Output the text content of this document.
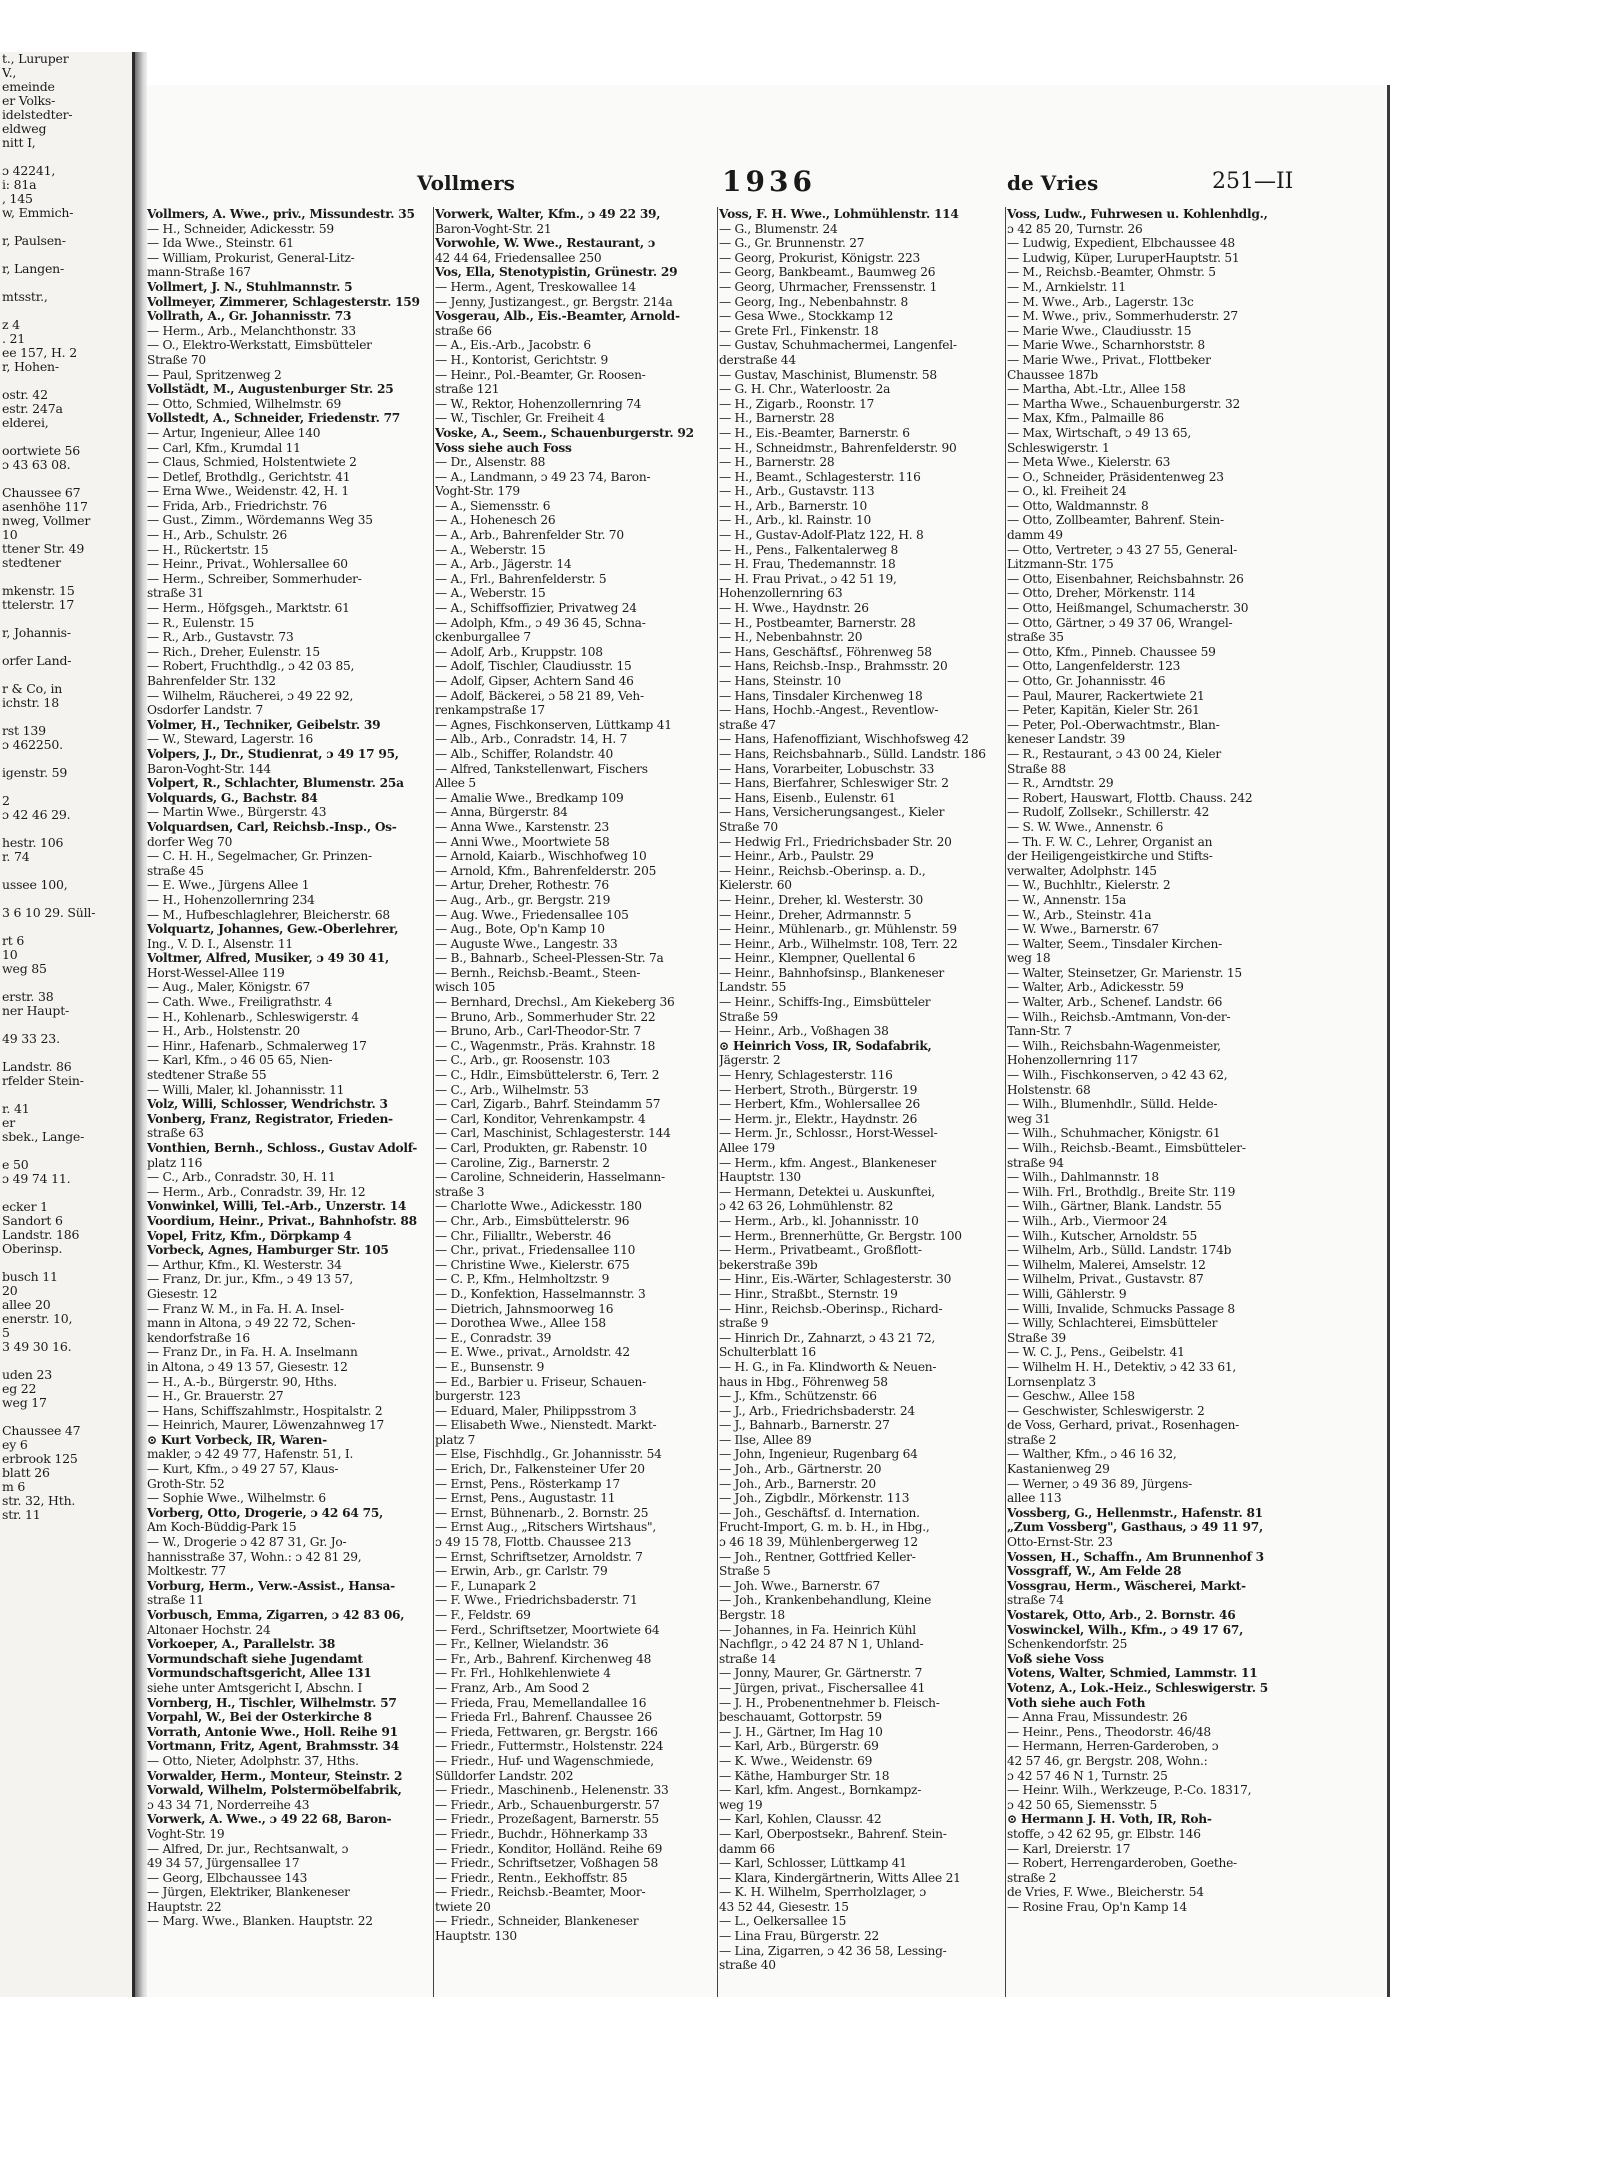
t., Luruper
V.,
emeinde
er Volks-
idelstedter-
eldweg
nitt I,

ɔ 42241,
i: 81a
, 145
w, Emmich-

r, Paulsen-

r, Langen-

mtsstr.,

z 4
. 21
ee 157, H. 2
r, Hohen-

ostr. 42
estr. 247a
elderei,

oortwiete 56
ɔ 43 63 08.

Chaussee 67
asenhöhe 117
nweg, Vollmer
10
ttener Str. 49
stedtener

mkenstr. 15
ttelerstr. 17

r, Johannis-

orfer Land-

r & Co, in
ichstr. 18

rst 139
ɔ 462250.

igenstr. 59

2
ɔ 42 46 29.

hestr. 106
r. 74

ussee 100,

3 6 10 29. Süll-

rt 6
10
weg 85

erstr. 38
ner Haupt-

49 33 23.

Landstr. 86
rfelder Stein-

r. 41
er
sbek., Lange-

e 50
ɔ 49 74 11.

ecker 1
Sandort 6
Landstr. 186
Oberinsp.

busch 11
20
allee 20
enerstr. 10,
5
3 49 30 16.

uden 23
eg 22
weg 17

Chaussee 47
ey 6
erbrook 125
blatt 26
m 6
str. 32, Hth.
str. 11
Vollmers	1936	de Vries	251—II
Vollmers, A. Wwe., priv., Missundestr. 35
— H., Schneider, Adickesstr. 59
— Ida Wwe., Steinstr. 61
— William, Prokurist, General-Litz-
mann-Straße 167
Vollmert, J. N., Stuhlmannstr. 5
Vollmeyer, Zimmerer, Schlagesterstr. 159
Vollrath, A., Gr. Johannisstr. 73
— Herm., Arb., Melanchthonstr. 33
— O., Elektro-Werkstatt, Eimsbütteler
Straße 70
— Paul, Spritzenweg 2
Vollstädt, M., Augustenburger Str. 25
— Otto, Schmied, Wilhelmstr. 69
Vollstedt, A., Schneider, Friedenstr. 77
— Artur, Ingenieur, Allee 140
— Carl, Kfm., Krumdal 11
— Claus, Schmied, Holstentwiete 2
— Detlef, Brothdlg., Gerichtstr. 41
— Erna Wwe., Weidenstr. 42, H. 1
— Frida, Arb., Friedrichstr. 76
— Gust., Zimm., Wördemanns Weg 35
— H., Arb., Schulstr. 26
— H., Rückertstr. 15
— Heinr., Privat., Wohlersallee 60
— Herm., Schreiber, Sommerhuder-
straße 31
— Herm., Höfgsgeh., Marktstr. 61
— R., Eulenstr. 15
— R., Arb., Gustavstr. 73
— Rich., Dreher, Eulenstr. 15
— Robert, Fruchthdlg., ɔ 42 03 85,
Bahrenfelder Str. 132
— Wilhelm, Räucherei, ɔ 49 22 92,
Osdorfer Landstr. 7
Volmer, H., Techniker, Geibelstr. 39
— W., Steward, Lagerstr. 16
Volpers, J., Dr., Studienrat, ɔ 49 17 95,
Baron-Voght-Str. 144
Volpert, R., Schlachter, Blumenstr. 25a
Volquards, G., Bachstr. 84
— Martin Wwe., Bürgerstr. 43
Volquardsen, Carl, Reichsb.-Insp., Os-
dorfer Weg 70
— C. H. H., Segelmacher, Gr. Prinzen-
straße 45
— E. Wwe., Jürgens Allee 1
— H., Hohenzollernring 234
— M., Hufbeschlaglehrer, Bleicherstr. 68
Volquartz, Johannes, Gew.-Oberlehrer,
Ing., V. D. I., Alsenstr. 11
Voltmer, Alfred, Musiker, ɔ 49 30 41,
Horst-Wessel-Allee 119
— Aug., Maler, Königstr. 67
— Cath. Wwe., Freiligrathstr. 4
— H., Kohlenarb., Schleswigerstr. 4
— H., Arb., Holstenstr. 20
— Hinr., Hafenarb., Schmalerweg 17
— Karl, Kfm., ɔ 46 05 65, Nien-
stedtener Straße 55
— Willi, Maler, kl. Johannisstr. 11
Volz, Willi, Schlosser, Wendrichstr. 3
Vonberg, Franz, Registrator, Frieden-
straße 63
Vonthien, Bernh., Schloss., Gustav Adolf-
platz 116
— C., Arb., Conradstr. 30, H. 11
— Herm., Arb., Conradstr. 39, Hr. 12
Vonwinkel, Willi, Tel.-Arb., Unzerstr. 14
Voordium, Heinr., Privat., Bahnhofstr. 88
Vopel, Fritz, Kfm., Dörpkamp 4
Vorbeck, Agnes, Hamburger Str. 105
— Arthur, Kfm., Kl. Westerstr. 34
— Franz, Dr. jur., Kfm., ɔ 49 13 57,
Giesestr. 12
— Franz W. M., in Fa. H. A. Insel-
mann in Altona, ɔ 49 22 72, Schen-
kendorfstraße 16
— Franz Dr., in Fa. H. A. Inselmann
in Altona, ɔ 49 13 57, Giesestr. 12
— H., A.-b., Bürgerstr. 90, Hths.
— H., Gr. Brauerstr. 27
— Hans, Schiffszahlmstr., Hospitalstr. 2
— Heinrich, Maurer, Löwenzahnweg 17
⊙ Kurt Vorbeck, IR, Waren-
makler, ɔ 42 49 77, Hafenstr. 51, I.
— Kurt, Kfm., ɔ 49 27 57, Klaus-
Groth-Str. 52
— Sophie Wwe., Wilhelmstr. 6
Vorberg, Otto, Drogerie, ɔ 42 64 75,
Am Koch-Büddig-Park 15
— W., Drogerie ɔ 42 87 31, Gr. Jo-
hannisstraße 37, Wohn.: ɔ 42 81 29,
Moltkestr. 77
Vorburg, Herm., Verw.-Assist., Hansa-
straße 11
Vorbusch, Emma, Zigarren, ɔ 42 83 06,
Altonaer Hochstr. 24
Vorkoeper, A., Parallelstr. 38
Vormundschaft siehe Jugendamt
Vormundschaftsgericht, Allee 131
siehe unter Amtsgericht I, Abschn. I
Vornberg, H., Tischler, Wilhelmstr. 57
Vorpahl, W., Bei der Osterkirche 8
Vorrath, Antonie Wwe., Holl. Reihe 91
Vortmann, Fritz, Agent, Brahmsstr. 34
— Otto, Nieter, Adolphstr. 37, Hths.
Vorwalder, Herm., Monteur, Steinstr. 2
Vorwald, Wilhelm, Polstermöbelfabrik,
ɔ 43 34 71, Norderreihe 43
Vorwerk, A. Wwe., ɔ 49 22 68, Baron-
Voght-Str. 19
— Alfred, Dr. jur., Rechtsanwalt, ɔ
49 34 57, Jürgensallee 17
— Georg, Elbchaussee 143
— Jürgen, Elektriker, Blankeneser
Hauptstr. 22
— Marg. Wwe., Blanken. Hauptstr. 22
Vorwerk, Walter, Kfm., ɔ 49 22 39,
Baron-Voght-Str. 21
Vorwohle, W. Wwe., Restaurant, ɔ
42 44 64, Friedensallee 250
Vos, Ella, Stenotypistin, Grünestr. 29
— Herm., Agent, Treskowallee 14
— Jenny, Justizangest., gr. Bergstr. 214a
Vosgerau, Alb., Eis.-Beamter, Arnold-
straße 66
— A., Eis.-Arb., Jacobstr. 6
— H., Kontorist, Gerichtstr. 9
— Heinr., Pol.-Beamter, Gr. Roosen-
straße 121
— W., Rektor, Hohenzollernring 74
— W., Tischler, Gr. Freiheit 4
Voske, A., Seem., Schauenburgerstr. 92
Voss siehe auch Foss
— Dr., Alsenstr. 88
— A., Landmann, ɔ 49 23 74, Baron-
Voght-Str. 179
— A., Siemensstr. 6
— A., Hohenesch 26
— A., Arb., Bahrenfelder Str. 70
— A., Weberstr. 15
— A., Arb., Jägerstr. 14
— A., Frl., Bahrenfelderstr. 5
— A., Weberstr. 15
— A., Schiffsoffizier, Privatweg 24
— Adolph, Kfm., ɔ 49 36 45, Schna-
ckenburgallee 7
— Adolf, Arb., Kruppstr. 108
— Adolf, Tischler, Claudiusstr. 15
— Adolf, Gipser, Achtern Sand 46
— Adolf, Bäckerei, ɔ 58 21 89, Veh-
renkampstraße 17
— Agnes, Fischkonserven, Lüttkamp 41
— Alb., Arb., Conradstr. 14, H. 7
— Alb., Schiffer, Rolandstr. 40
— Alfred, Tankstellenwart, Fischers
Allee 5
— Amalie Wwe., Bredkamp 109
— Anna, Bürgerstr. 84
— Anna Wwe., Karstenstr. 23
— Anni Wwe., Moortwiete 58
— Arnold, Kaiarb., Wischhofweg 10
— Arnold, Kfm., Bahrenfelderstr. 205
— Artur, Dreher, Rothestr. 76
— Aug., Arb., gr. Bergstr. 219
— Aug. Wwe., Friedensallee 105
— Aug., Bote, Op'n Kamp 10
— Auguste Wwe., Langestr. 33
— B., Bahnarb., Scheel-Plessen-Str. 7a
— Bernh., Reichsb.-Beamt., Steen-
wisch 105
— Bernhard, Drechsl., Am Kiekeberg 36
— Bruno, Arb., Sommerhuder Str. 22
— Bruno, Arb., Carl-Theodor-Str. 7
— C., Wagenmstr., Präs. Krahnstr. 18
— C., Arb., gr. Roosenstr. 103
— C., Hdlr., Eimsbüttelerstr. 6, Terr. 2
— C., Arb., Wilhelmstr. 53
— Carl, Zigarb., Bahrf. Steindamm 57
— Carl, Konditor, Vehrenkampstr. 4
— Carl, Maschinist, Schlagesterstr. 144
— Carl, Produkten, gr. Rabenstr. 10
— Caroline, Zig., Barnerstr. 2
— Caroline, Schneiderin, Hasselmann-
straße 3
— Charlotte Wwe., Adickesstr. 180
— Chr., Arb., Eimsbüttelerstr. 96
— Chr., Filialltr., Weberstr. 46
— Chr., privat., Friedensallee 110
— Christine Wwe., Kielerstr. 675
— C. P., Kfm., Helmholtzstr. 9
— D., Konfektion, Hasselmannstr. 3
— Dietrich, Jahnsmoorweg 16
— Dorothea Wwe., Allee 158
— E., Conradstr. 39
— E. Wwe., privat., Arnoldstr. 42
— E., Bunsenstr. 9
— Ed., Barbier u. Friseur, Schauen-
burgerstr. 123
— Eduard, Maler, Philippsstrom 3
— Elisabeth Wwe., Nienstedt. Markt-
platz 7
— Else, Fischhdlg., Gr. Johannisstr. 54
— Erich, Dr., Falkensteiner Ufer 20
— Ernst, Pens., Rösterkamp 17
— Ernst, Pens., Augustastr. 11
— Ernst, Bühnenarb., 2. Bornstr. 25
— Ernst Aug., „Ritschers Wirtshaus",
ɔ 49 15 78, Flottb. Chaussee 213
— Ernst, Schriftsetzer, Arnoldstr. 7
— Erwin, Arb., gr. Carlstr. 79
— F., Lunapark 2
— F. Wwe., Friedrichsbaderstr. 71
— F., Feldstr. 69
— Ferd., Schriftsetzer, Moortwiete 64
— Fr., Kellner, Wielandstr. 36
— Fr., Arb., Bahrenf. Kirchenweg 48
— Fr. Frl., Hohlkehlenwiete 4
— Franz, Arb., Am Sood 2
— Frieda, Frau, Memellandallee 16
— Frieda Frl., Bahrenf. Chaussee 26
— Frieda, Fettwaren, gr. Bergstr. 166
— Friedr., Futtermstr., Holstenstr. 224
— Friedr., Huf- und Wagenschmiede,
Sülldorfer Landstr. 202
— Friedr., Maschinenb., Helenenstr. 33
— Friedr., Arb., Schauenburgerstr. 57
— Friedr., Prozeßagent, Barnerstr. 55
— Friedr., Buchdr., Höhnerkamp 33
— Friedr., Konditor, Holländ. Reihe 69
— Friedr., Schriftsetzer, Voßhagen 58
— Friedr., Rentn., Eekhoffstr. 85
— Friedr., Reichsb.-Beamter, Moor-
twiete 20
— Friedr., Schneider, Blankeneser
Hauptstr. 130
Voss, F. H. Wwe., Lohmühlenstr. 114
— G., Blumenstr. 24
— G., Gr. Brunnenstr. 27
— Georg, Prokurist, Königstr. 223
— Georg, Bankbeamt., Baumweg 26
— Georg, Uhrmacher, Frenssenstr. 1
— Georg, Ing., Nebenbahnstr. 8
— Gesa Wwe., Stockkamp 12
— Grete Frl., Finkenstr. 18
— Gustav, Schuhmachermei, Langenfel-
derstraße 44
— Gustav, Maschinist, Blumenstr. 58
— G. H. Chr., Waterloostr. 2a
— H., Zigarb., Roonstr. 17
— H., Barnerstr. 28
— H., Eis.-Beamter, Barnerstr. 6
— H., Schneidmstr., Bahrenfelderstr. 90
— H., Barnerstr. 28
— H., Beamt., Schlagesterstr. 116
— H., Arb., Gustavstr. 113
— H., Arb., Barnerstr. 10
— H., Arb., kl. Rainstr. 10
— H., Gustav-Adolf-Platz 122, H. 8
— H., Pens., Falkentalerweg 8
— H. Frau, Thedemannstr. 18
— H. Frau Privat., ɔ 42 51 19,
Hohenzollernring 63
— H. Wwe., Haydnstr. 26
— H., Postbeamter, Barnerstr. 28
— H., Nebenbahnstr. 20
— Hans, Geschäftsf., Föhrenweg 58
— Hans, Reichsb.-Insp., Brahmsstr. 20
— Hans, Steinstr. 10
— Hans, Tinsdaler Kirchenweg 18
— Hans, Hochb.-Angest., Reventlow-
straße 47
— Hans, Hafenoffiziant, Wischhofsweg 42
— Hans, Reichsbahnarb., Sülld. Landstr. 186
— Hans, Vorarbeiter, Lobuschstr. 33
— Hans, Bierfahrer, Schleswiger Str. 2
— Hans, Eisenb., Eulenstr. 61
— Hans, Versicherungsangest., Kieler
Straße 70
— Hedwig Frl., Friedrichsbader Str. 20
— Heinr., Arb., Paulstr. 29
— Heinr., Reichsb.-Oberinsp. a. D.,
Kielerstr. 60
— Heinr., Dreher, kl. Westerstr. 30
— Heinr., Dreher, Adrmannstr. 5
— Heinr., Mühlenarb., gr. Mühlenstr. 59
— Heinr., Arb., Wilhelmstr. 108, Terr. 22
— Heinr., Klempner, Quellental 6
— Heinr., Bahnhofsinsp., Blankeneser
Landstr. 55
— Heinr., Schiffs-Ing., Eimsbütteler
Straße 59
— Heinr., Arb., Voßhagen 38
⊙ Heinrich Voss, IR, Sodafabrik,
Jägerstr. 2
— Henry, Schlagesterstr. 116
— Herbert, Stroth., Bürgerstr. 19
— Herbert, Kfm., Wohlersallee 26
— Herm. jr., Elektr., Haydnstr. 26
— Herm. Jr., Schlossr., Horst-Wessel-
Allee 179
— Herm., kfm. Angest., Blankeneser
Hauptstr. 130
— Hermann, Detektei u. Auskunftei,
ɔ 42 63 26, Lohmühlenstr. 82
— Herm., Arb., kl. Johannisstr. 10
— Herm., Brennerhütte, Gr. Bergstr. 100
— Herm., Privatbeamt., Großflott-
bekerstraße 39b
— Hinr., Eis.-Wärter, Schlagesterstr. 30
— Hinr., Straßbt., Sternstr. 19
— Hinr., Reichsb.-Oberinsp., Richard-
straße 9
— Hinrich Dr., Zahnarzt, ɔ 43 21 72,
Schulterblatt 16
— H. G., in Fa. Klindworth & Neuen-
haus in Hbg., Föhrenweg 58
— J., Kfm., Schützenstr. 66
— J., Arb., Friedrichsbaderstr. 24
— J., Bahnarb., Barnerstr. 27
— Ilse, Allee 89
— John, Ingenieur, Rugenbarg 64
— Joh., Arb., Gärtnerstr. 20
— Joh., Arb., Barnerstr. 20
— Joh., Zigbdlr., Mörkenstr. 113
— Joh., Geschäftsf. d. Internation.
Frucht-Import, G. m. b. H., in Hbg.,
ɔ 46 18 39, Mühlenbergerweg 12
— Joh., Rentner, Gottfried Keller-
Straße 5
— Joh. Wwe., Barnerstr. 67
— Joh., Krankenbehandlung, Kleine
Bergstr. 18
— Johannes, in Fa. Heinrich Kühl
Nachflgr., ɔ 42 24 87 N 1, Uhland-
straße 14
— Jonny, Maurer, Gr. Gärtnerstr. 7
— Jürgen, privat., Fischersallee 41
— J. H., Probenentnehmer b. Fleisch-
beschauamt, Gottorpstr. 59
— J. H., Gärtner, Im Hag 10
— Karl, Arb., Bürgerstr. 69
— K. Wwe., Weidenstr. 69
— Käthe, Hamburger Str. 18
— Karl, kfm. Angest., Bornkampz-
weg 19
— Karl, Kohlen, Claussr. 42
— Karl, Oberpostsekr., Bahrenf. Stein-
damm 66
— Karl, Schlosser, Lüttkamp 41
— Klara, Kindergärtnerin, Witts Allee 21
— K. H. Wilhelm, Sperrholzlager, ɔ
43 52 44, Giesestr. 15
— L., Oelkersallee 15
— Lina Frau, Bürgerstr. 22
— Lina, Zigarren, ɔ 42 36 58, Lessing-
straße 40
Voss, Ludw., Fuhrwesen u. Kohlenhdlg.,
ɔ 42 85 20, Turnstr. 26
— Ludwig, Expedient, Elbchaussee 48
— Ludwig, Küper, LuruperHauptstr. 51
— M., Reichsb.-Beamter, Ohmstr. 5
— M., Arnkielstr. 11
— M. Wwe., Arb., Lagerstr. 13c
— M. Wwe., priv., Sommerhuderstr. 27
— Marie Wwe., Claudiusstr. 15
— Marie Wwe., Scharnhorststr. 8
— Marie Wwe., Privat., Flottbeker
Chaussee 187b
— Martha, Abt.-Ltr., Allee 158
— Martha Wwe., Schauenburgerstr. 32
— Max, Kfm., Palmaille 86
— Max, Wirtschaft, ɔ 49 13 65,
Schleswigerstr. 1
— Meta Wwe., Kielerstr. 63
— O., Schneider, Präsidentenweg 23
— O., kl. Freiheit 24
— Otto, Waldmannstr. 8
— Otto, Zollbeamter, Bahrenf. Stein-
damm 49
— Otto, Vertreter, ɔ 43 27 55, General-
Litzmann-Str. 175
— Otto, Eisenbahner, Reichsbahnstr. 26
— Otto, Dreher, Mörkenstr. 114
— Otto, Heißmangel, Schumacherstr. 30
— Otto, Gärtner, ɔ 49 37 06, Wrangel-
straße 35
— Otto, Kfm., Pinneb. Chaussee 59
— Otto, Langenfelderstr. 123
— Otto, Gr. Johannisstr. 46
— Paul, Maurer, Rackertwiete 21
— Peter, Kapitän, Kieler Str. 261
— Peter, Pol.-Oberwachtmstr., Blan-
keneser Landstr. 39
— R., Restaurant, ɔ 43 00 24, Kieler
Straße 88
— R., Arndtstr. 29
— Robert, Hauswart, Flottb. Chauss. 242
— Rudolf, Zollsekr., Schillerstr. 42
— S. W. Wwe., Annenstr. 6
— Th. F. W. C., Lehrer, Organist an
der Heiligengeistkirche und Stifts-
verwalter, Adolphstr. 145
— W., Buchhltr., Kielerstr. 2
— W., Annenstr. 15a
— W., Arb., Steinstr. 41a
— W. Wwe., Barnerstr. 67
— Walter, Seem., Tinsdaler Kirchen-
weg 18
— Walter, Steinsetzer, Gr. Marienstr. 15
— Walter, Arb., Adickesstr. 59
— Walter, Arb., Schenef. Landstr. 66
— Wilh., Reichsb.-Amtmann, Von-der-
Tann-Str. 7
— Wilh., Reichsbahn-Wagenmeister,
Hohenzollernring 117
— Wilh., Fischkonserven, ɔ 42 43 62,
Holstenstr. 68
— Wilh., Blumenhdlr., Sülld. Helde-
weg 31
— Wilh., Schuhmacher, Königstr. 61
— Wilh., Reichsb.-Beamt., Eimsbütteler-
straße 94
— Wilh., Dahlmannstr. 18
— Wilh. Frl., Brothdlg., Breite Str. 119
— Wilh., Gärtner, Blank. Landstr. 55
— Wilh., Arb., Viermoor 24
— Wilh., Kutscher, Arnoldstr. 55
— Wilhelm, Arb., Sülld. Landstr. 174b
— Wilhelm, Malerei, Amselstr. 12
— Wilhelm, Privat., Gustavstr. 87
— Willi, Gählerstr. 9
— Willi, Invalide, Schmucks Passage 8
— Willy, Schlachterei, Eimsbütteler
Straße 39
— W. C. J., Pens., Geibelstr. 41
— Wilhelm H. H., Detektiv, ɔ 42 33 61,
Lornsenplatz 3
— Geschw., Allee 158
— Geschwister, Schleswigerstr. 2
de Voss, Gerhard, privat., Rosenhagen-
straße 2
— Walther, Kfm., ɔ 46 16 32,
Kastanienweg 29
— Werner, ɔ 49 36 89, Jürgens-
allee 113
Vossberg, G., Hellenmstr., Hafenstr. 81
„Zum Vossberg", Gasthaus, ɔ 49 11 97,
Otto-Ernst-Str. 23
Vossen, H., Schaffn., Am Brunnenhof 3
Vossgraff, W., Am Felde 28
Vossgrau, Herm., Wäscherei, Markt-
straße 74
Vostarek, Otto, Arb., 2. Bornstr. 46
Voswinckel, Wilh., Kfm., ɔ 49 17 67,
Schenkendorfstr. 25
Voß siehe Voss
Votens, Walter, Schmied, Lammstr. 11
Votenz, A., Lok.-Heiz., Schleswigerstr. 5
Voth siehe auch Foth
— Anna Frau, Missundestr. 26
— Heinr., Pens., Theodorstr. 46/48
— Hermann, Herren-Garderoben, ɔ
42 57 46, gr. Bergstr. 208, Wohn.:
ɔ 42 57 46 N 1, Turnstr. 25
— Heinr. Wilh., Werkzeuge, P.-Co. 18317,
ɔ 42 50 65, Siemensstr. 5
⊙ Hermann J. H. Voth, IR, Roh-
stoffe, ɔ 42 62 95, gr. Elbstr. 146
— Karl, Dreierstr. 17
— Robert, Herrengarderoben, Goethe-
straße 2
de Vries, F. Wwe., Bleicherstr. 54
— Rosine Frau, Op'n Kamp 14
